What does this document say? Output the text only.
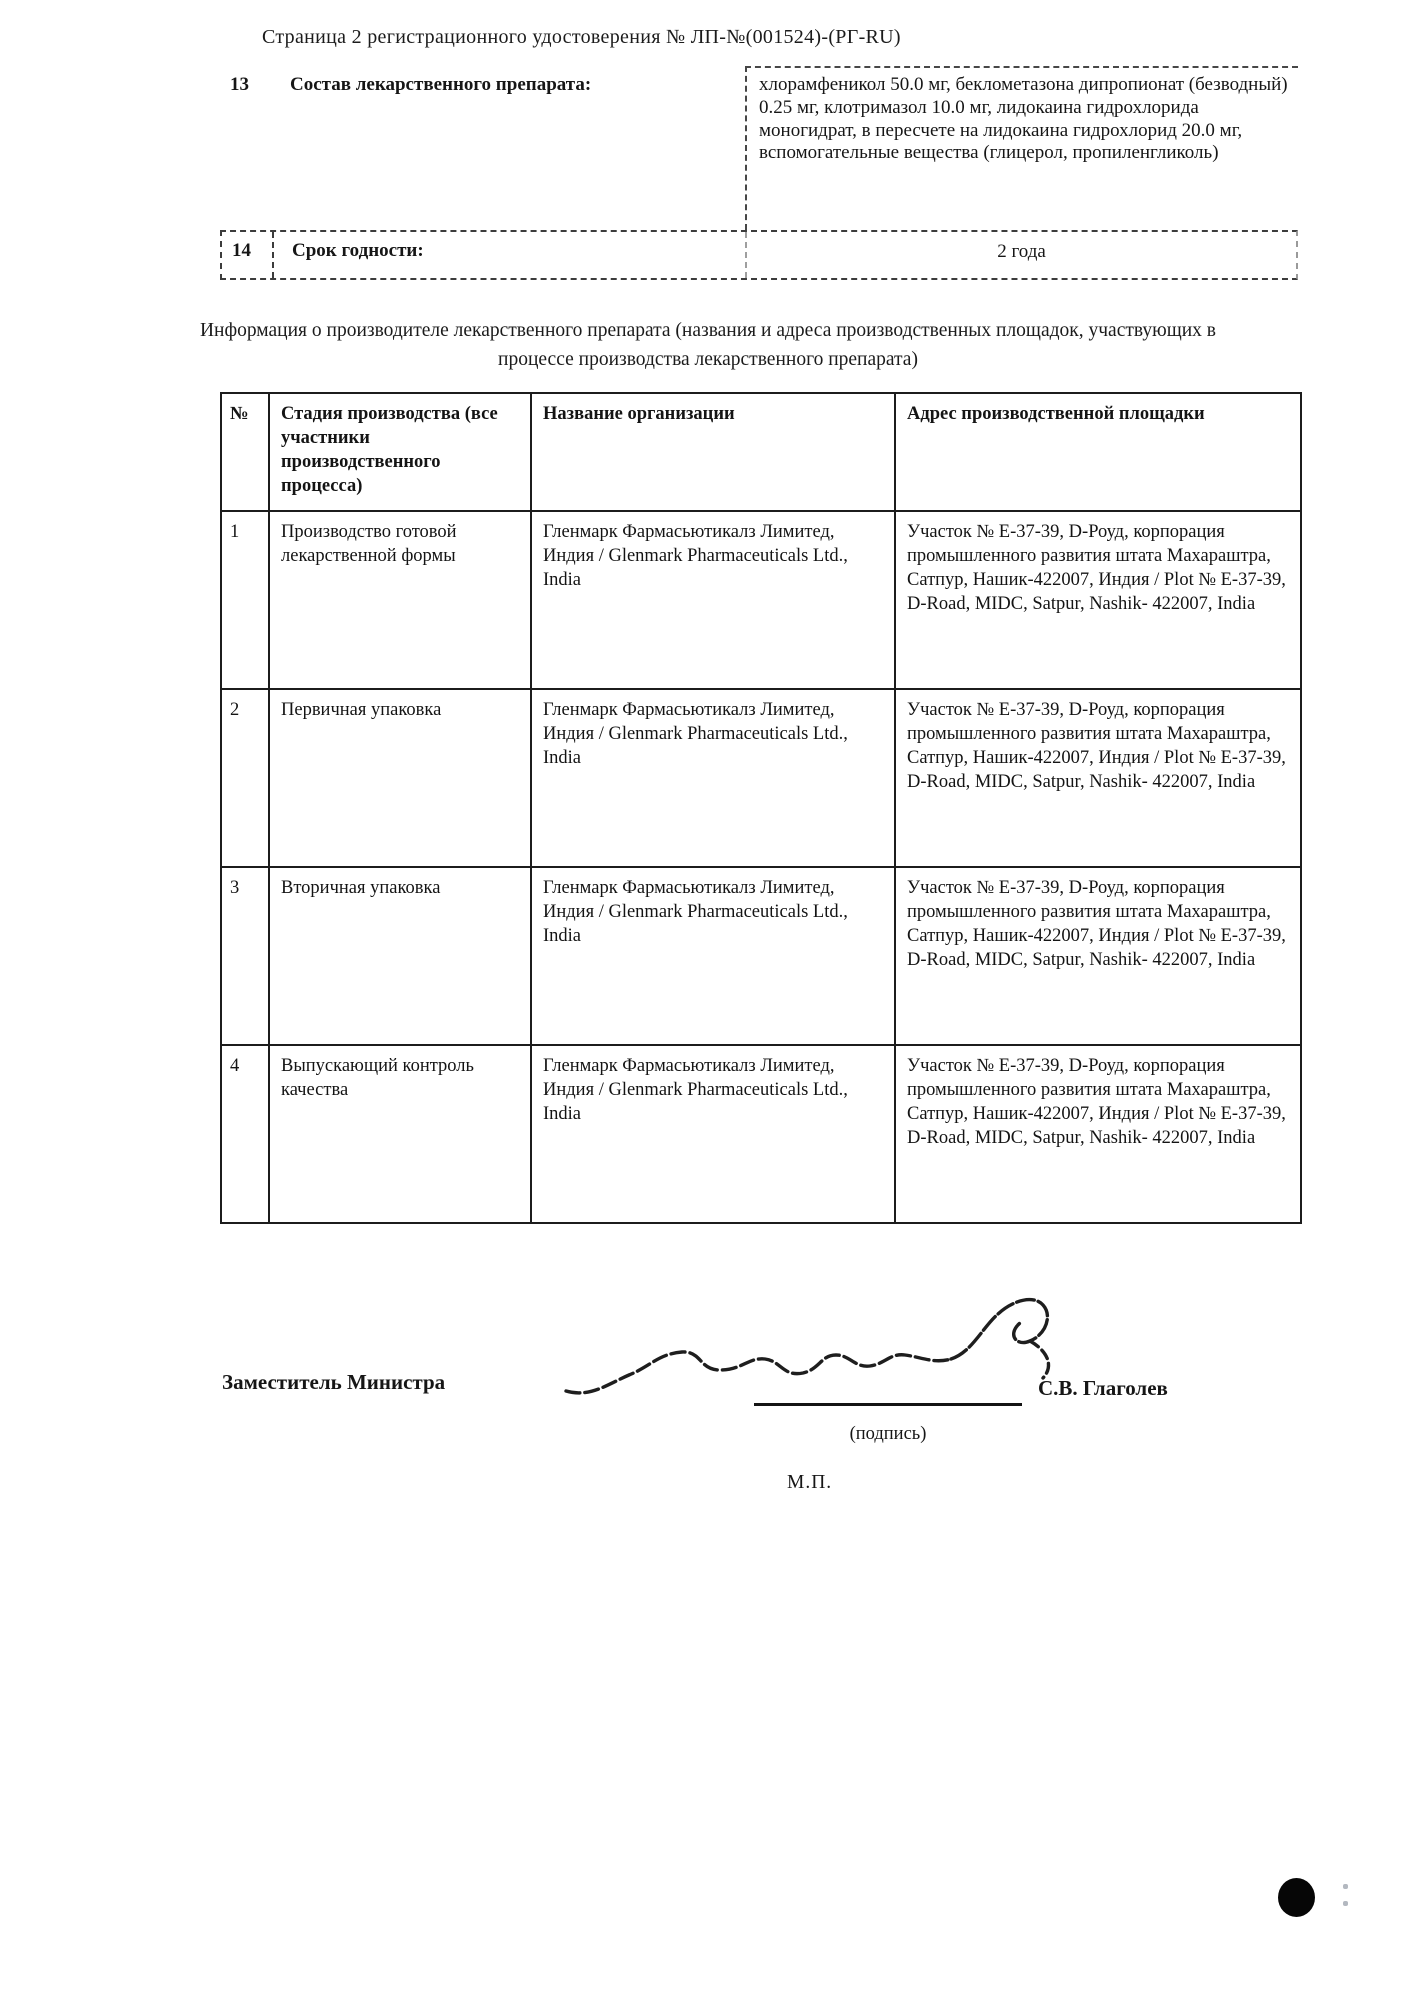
Страница 2 регистрационного удостоверения № ЛП-№(001524)-(РГ-RU)
13	Состав лекарственного препарата:	хлорамфеникол 50.0 мг, беклометазона дипропионат (безводный) 0.25 мг, клотримазол 10.0 мг, лидокаина гидрохлорида моногидрат, в пересчете на лидокаина гидрохлорид 20.0 мг, вспомогательные вещества (глицерол, пропиленгликоль)
14	Срок годности:	2 года
Информация о производителе лекарственного препарата (названия и адреса производственных площадок, участвующих в процессе производства лекарственного препарата)
№	Стадия производства (все участники производственного процесса)	Название организации	Адрес производственной площадки
1	Производство готовой лекарственной формы	Гленмарк Фармасьютикалз Лимитед, Индия / Glenmark Pharmaceuticals Ltd., India	Участок № Е-37-39, D-Роуд, корпорация промышленного развития штата Махараштра, Сатпур, Нашик-422007, Индия / Plot № E-37-39, D-Road, MIDC, Satpur, Nashik- 422007, India
2	Первичная упаковка	Гленмарк Фармасьютикалз Лимитед, Индия / Glenmark Pharmaceuticals Ltd., India	Участок № Е-37-39, D-Роуд, корпорация промышленного развития штата Махараштра, Сатпур, Нашик-422007, Индия / Plot № E-37-39, D-Road, MIDC, Satpur, Nashik- 422007, India
3	Вторичная упаковка	Гленмарк Фармасьютикалз Лимитед, Индия / Glenmark Pharmaceuticals Ltd., India	Участок № Е-37-39, D-Роуд, корпорация промышленного развития штата Махараштра, Сатпур, Нашик-422007, Индия / Plot № E-37-39, D-Road, MIDC, Satpur, Nashik- 422007, India
4	Выпускающий контроль качества	Гленмарк Фармасьютикалз Лимитед, Индия / Glenmark Pharmaceuticals Ltd., India	Участок № Е-37-39, D-Роуд, корпорация промышленного развития штата Махараштра, Сатпур, Нашик-422007, Индия / Plot № E-37-39, D-Road, MIDC, Satpur, Nashik- 422007, India
Заместитель Министра	С.В. Глаголев
(подпись)
М.П.
